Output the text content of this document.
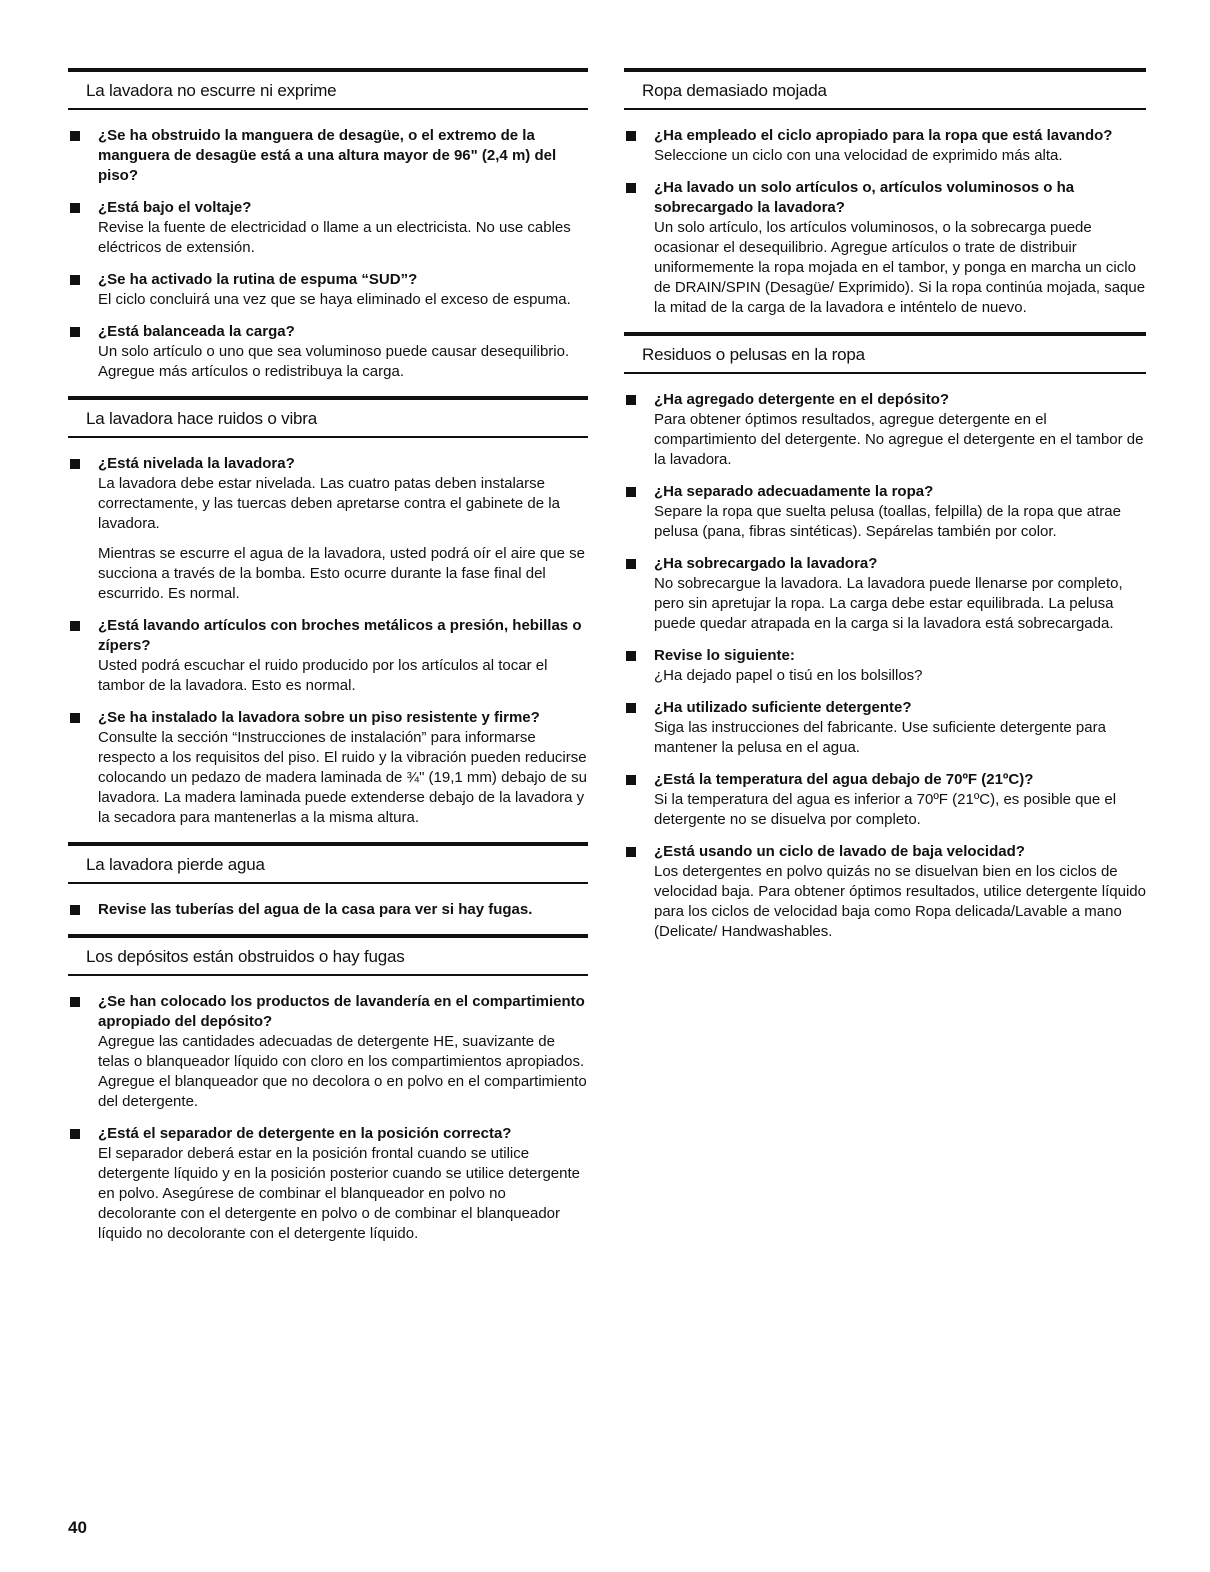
La lavadora no escurre ni exprime
¿Se ha obstruido la manguera de desagüe, o el extremo de la manguera de desagüe está a una altura mayor de 96" (2,4 m) del piso?
¿Está bajo el voltaje?
Revise la fuente de electricidad o llame a un electricista. No use cables eléctricos de extensión.
¿Se ha activado la rutina de espuma “SUD”?
El ciclo concluirá una vez que se haya eliminado el exceso de espuma.
¿Está balanceada la carga?
Un solo artículo o uno que sea voluminoso puede causar desequilibrio. Agregue más artículos o redistribuya la carga.
La lavadora hace ruidos o vibra
¿Está nivelada la lavadora?
La lavadora debe estar nivelada. Las cuatro patas deben instalarse correctamente, y las tuercas deben apretarse contra el gabinete de la lavadora.
Mientras se escurre el agua de la lavadora, usted podrá oír el aire que se succiona a través de la bomba. Esto ocurre durante la fase final del escurrido. Es normal.
¿Está lavando artículos con broches metálicos a presión, hebillas o zípers?
Usted podrá escuchar el ruido producido por los artículos al tocar el tambor de la lavadora. Esto es normal.
¿Se ha instalado la lavadora sobre un piso resistente y firme?
Consulte la sección “Instrucciones de instalación” para informarse respecto a los requisitos del piso. El ruido y la vibración pueden reducirse colocando un pedazo de madera laminada de ¾" (19,1 mm) debajo de su lavadora. La madera laminada puede extenderse debajo de la lavadora y la secadora para mantenerlas a la misma altura.
La lavadora pierde agua
Revise las tuberías del agua de la casa para ver si hay fugas.
Los depósitos están obstruidos o hay fugas
¿Se han colocado los productos de lavandería en el compartimiento apropiado del depósito?
Agregue las cantidades adecuadas de detergente HE, suavizante de telas o blanqueador líquido con cloro en los compartimientos apropiados. Agregue el blanqueador que no decolora o en polvo en el compartimiento del detergente.
¿Está el separador de detergente en la posición correcta?
El separador deberá estar en la posición frontal cuando se utilice detergente líquido y en la posición posterior cuando se utilice detergente en polvo. Asegúrese de combinar el blanqueador en polvo no decolorante con el detergente en polvo o de combinar el blanqueador líquido no decolorante con el detergente líquido.
Ropa demasiado mojada
¿Ha empleado el ciclo apropiado para la ropa que está lavando?
Seleccione un ciclo con una velocidad de exprimido más alta.
¿Ha lavado un solo artículos o, artículos voluminosos o ha sobrecargado la lavadora?
Un solo artículo, los artículos voluminosos, o la sobrecarga puede ocasionar el desequilibrio. Agregue artículos o trate de distribuir uniformemente la ropa mojada en el tambor, y ponga en marcha un ciclo de DRAIN/SPIN (Desagüe/ Exprimido). Si la ropa continúa mojada, saque la mitad de la carga de la lavadora e inténtelo de nuevo.
Residuos o pelusas en la ropa
¿Ha agregado detergente en el depósito?
Para obtener óptimos resultados, agregue detergente en el compartimiento del detergente. No agregue el detergente en el tambor de la lavadora.
¿Ha separado adecuadamente la ropa?
Separe la ropa que suelta pelusa (toallas, felpilla) de la ropa que atrae pelusa (pana, fibras sintéticas). Sepárelas también por color.
¿Ha sobrecargado la lavadora?
No sobrecargue la lavadora. La lavadora puede llenarse por completo, pero sin apretujar la ropa. La carga debe estar equilibrada. La pelusa puede quedar atrapada en la carga si la lavadora está sobrecargada.
Revise lo siguiente:
¿Ha dejado papel o tisú en los bolsillos?
¿Ha utilizado suficiente detergente?
Siga las instrucciones del fabricante. Use suficiente detergente para mantener la pelusa en el agua.
¿Está la temperatura del agua debajo de 70ºF (21ºC)?
Si la temperatura del agua es inferior a 70ºF (21ºC), es posible que el detergente no se disuelva por completo.
¿Está usando un ciclo de lavado de baja velocidad?
Los detergentes en polvo quizás no se disuelvan bien en los ciclos de velocidad baja. Para obtener óptimos resultados, utilice detergente líquido para los ciclos de velocidad baja como Ropa delicada/Lavable a mano (Delicate/ Handwashables.
40
